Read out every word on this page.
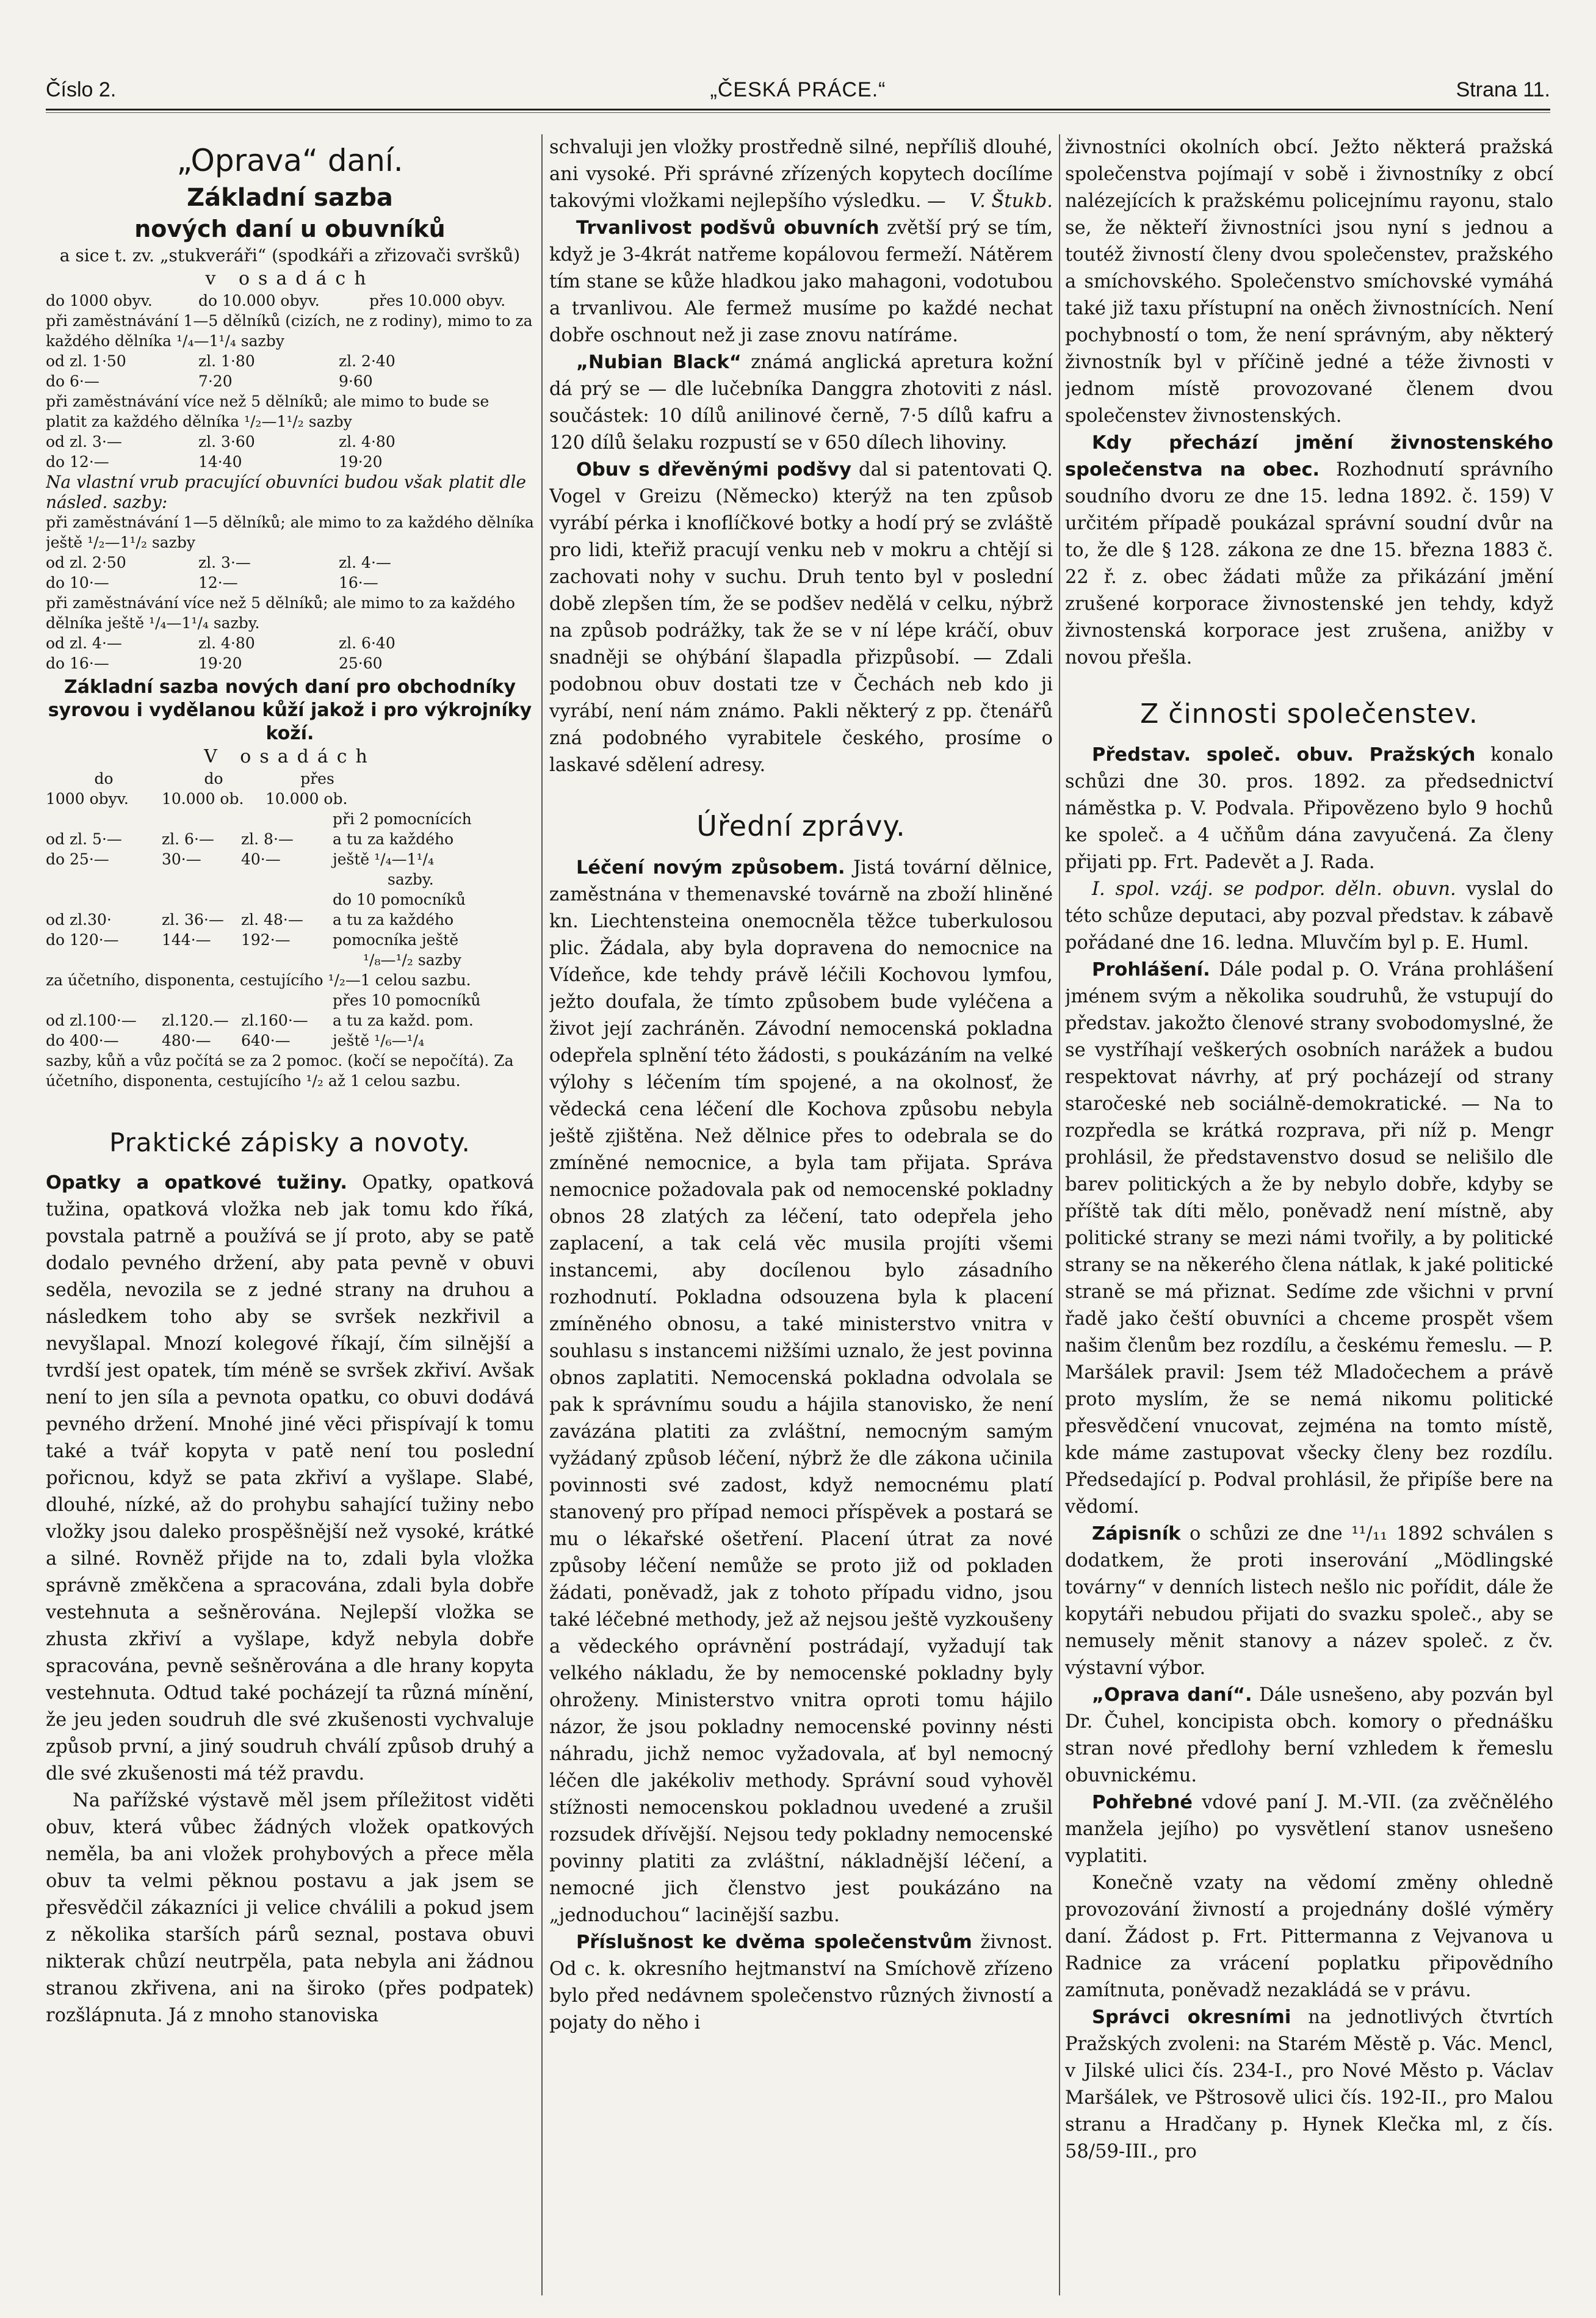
Číslo 2.	„ČESKÁ PRÁCE.“	Strana 11.
„Oprava“ daní.
Základní sazba
nových daní u obuvníků

a sice t. zv. „stukveráři“ (spodkáři a zřizovači svršků)

v osadách

do 1000 obyv.	do 10.000 obyv.	přes 10.000 obyv.

při zaměstnávání 1—5 dělníků (cizích, ne z rodiny), mimo to za každého dělníka ¹/₄—1¹/₄ sazby

od zl. 1·50	zl. 1·80	zl. 2·40
do 6·—	7·20	9·60

při zaměstnávání více než 5 dělníků; ale mimo to bude se platit za každého dělníka ¹/₂—1¹/₂ sazby

od zl. 3·—	zl. 3·60	zl. 4·80
do 12·—	14·40	19·20

Na vlastní vrub pracující obuvníci budou však platit dle násled. sazby:

při zaměstnávání 1—5 dělníků; ale mimo to za každého dělníka ještě ¹/₂—1¹/₂ sazby

od zl. 2·50	zl. 3·—	zl. 4·—
do 10·—	12·—	16·—

při zaměstnávání více než 5 dělníků; ale mimo to za každého dělníka ještě ¹/₄—1¹/₄ sazby.

od zl. 4·—	zl. 4·80	zl. 6·40
do 16·—	19·20	25·60
Základní sazba nových daní pro obchodníky syrovou i vydělanou kůží jakož i pro výkrojníky koží.

V osadách

do	do	přes
1000 obyv.	10.000 ob.	10.000 ob.

při 2 pomocnících

od zl. 5·—	zl. 6·—	zl. 8·—	a tu za každého
do 25·—	30·—	40·—	ještě ¹/₄—1¹/₄

sazby.

do 10 pomocníků

od zl.30·	zl. 36·—	zl. 48·—	a tu za každého
do 120·—	144·—	192·—	pomocníka ještě

¹/₈—¹/₂ sazby

za účetního, disponenta, cestujícího ¹/₂—1 celou sazbu.

přes 10 pomocníků

od zl.100·—	zl.120.— zl.160·—	a tu za každ. pom.
do 400·—	480·—	640·—	ještě ¹/₆—¹/₄

sazby, kůň a vůz počítá se za 2 pomoc. (kočí se nepočítá). Za účetního, disponenta, cestujícího ¹/₂ až 1 celou sazbu.

Praktické zápisky a novoty.

Opatky a opatkové tužiny. Opatky, opatková tužina, opatková vložka neb jak tomu kdo říká, povstala patrně a používá se jí proto, aby se patě dodalo pevného držení, aby pata pevně v obuvi seděla, nevozila se z jedné strany na druhou a následkem toho aby se svršek nezkřivil a nevyšlapal. Mnozí kolegové říkají, čím silnější a tvrdší jest opatek, tím méně se svršek zkřiví. Avšak není to jen síla a pevnota opatku, co obuvi dodává pevného držení. Mnohé jiné věci přispívají k tomu také a tvář kopyta v patě není tou poslední pořicnou, když se pata zkřiví a vyšlape. Slabé, dlouhé, nízké, až do prohybu sahající tužiny nebo vložky jsou daleko prospěšnější než vysoké, krátké a silné. Rovněž přijde na to, zdali byla vložka správně změkčena a spracována, zdali byla dobře vestehnuta a sešněrována. Nejlepší vložka se zhusta zkřiví a vyšlape, když nebyla dobře spracována, pevně sešněrována a dle hrany kopyta vestehnuta. Odtud také pocházejí ta různá mínění, že jeu jeden soudruh dle své zkušenosti vychvaluje způsob první, a jiný soudruh chválí způsob druhý a dle své zkušenosti má též pravdu.

Na pařížské výstavě měl jsem příležitost viděti obuv, která vůbec žádných vložek opatkových neměla, ba ani vložek prohybových a přece měla obuv ta velmi pěknou postavu a jak jsem se přesvědčil zákazníci ji velice chválili a pokud jsem z několika starších párů seznal, postava obuvi nikterak chůzí neutrpěla, pata nebyla ani žádnou stranou zkřivena, ani na široko (přes podpatek) rozšlápnuta. Já z mnoho stanoviska

schvaluji jen vložky prostředně silné, nepříliš dlouhé, ani vysoké. Při správné zřízených kopytech docílíme takovými vložkami nejlepšího výsledku. — V. Štukb.

Trvanlivost podšvů obuvních zvětší prý se tím, když je 3-4krát natřeme kopálovou fermeží. Nátěrem tím stane se kůže hladkou jako mahagoni, vodotubou a trvanlivou. Ale fermež musíme po každé nechat dobře oschnout než ji zase znovu natíráme.

„Nubian Black“ známá anglická apretura kožní dá prý se — dle lučebníka Danggra zhotoviti z násl. součástek: 10 dílů anilinové černě, 7·5 dílů kafru a 120 dílů šelaku rozpustí se v 650 dílech lihoviny.

Obuv s dřevěnými podšvy dal si patentovati Q. Vogel v Greizu (Německo) kterýž na ten způsob vyrábí pérka i knoflíčkové botky a hodí prý se zvláště pro lidi, kteřiž pracují venku neb v mokru a chtějí si zachovati nohy v suchu. Druh tento byl v poslední době zlepšen tím, že se podšev nedělá v celku, nýbrž na způsob podrážky, tak že se v ní lépe kráčí, obuv snadněji se ohýbání šlapadla přizpůsobí. — Zdali podobnou obuv dostati tze v Čechách neb kdo ji vyrábí, není nám známo. Pakli některý z pp. čtenářů zná podobného vyrabitele českého, prosíme o laskavé sdělení adresy.

Úřední zprávy.

Léčení novým způsobem. Jistá tovární dělnice, zaměstnána v themenavské továrně na zboží hliněné kn. Liechtensteina onemocněla těžce tuberkulosou plic. Žádala, aby byla dopravena do nemocnice na Vídeňce, kde tehdy právě léčili Kochovou lymfou, ježto doufala, že tímto způsobem bude vyléčena a život její zachráněn. Závodní nemocenská pokladna odepřela splnění této žádosti, s poukázáním na velké výlohy s léčením tím spojené, a na okolnosť, že vědecká cena léčení dle Kochova způsobu nebyla ještě zjištěna. Než dělnice přes to odebrala se do zmíněné nemocnice, a byla tam přijata. Správa nemocnice požadovala pak od nemocenské pokladny obnos 28 zlatých za léčení, tato odepřela jeho zaplacení, a tak celá věc musila projíti všemi instancemi, aby docílenou bylo zásadního rozhodnutí. Pokladna odsouzena byla k placení zmíněného obnosu, a také ministerstvo vnitra v souhlasu s instancemi nižšími uznalo, že jest povinna obnos zaplatiti. Nemocenská pokladna odvolala se pak k správnímu soudu a hájila stanovisko, že není zavázána platiti za zvláštní, nemocným samým vyžádaný způsob léčení, nýbrž že dle zákona učinila povinnosti své zadost, když nemocnému platí stanovený pro případ nemoci příspěvek a postará se mu o lékařské ošetření. Placení útrat za nové způsoby léčení nemůže se proto již od pokladen žádati, poněvadž, jak z tohoto případu vidno, jsou také léčebné methody, jež až nejsou ještě vyzkoušeny a vědeckého oprávnění postrádají, vyžadují tak velkého nákladu, že by nemocenské pokladny byly ohroženy. Ministerstvo vnitra oproti tomu hájilo názor, že jsou pokladny nemocenské povinny nésti náhradu, jichž nemoc vyžadovala, ať byl nemocný léčen dle jakékoliv methody. Správní soud vyhověl stížnosti nemocenskou pokladnou uvedené a zrušil rozsudek dřívější. Nejsou tedy pokladny nemocenské povinny platiti za zvláštní, nákladnější léčení, a nemocné jich členstvo jest poukázáno na „jednoduchou“ lacinější sazbu.

Příslušnost ke dvěma společenstvům živnost. Od c. k. okresního hejtmanství na Smíchově zřízeno bylo před nedávnem společenstvo různých živností a pojaty do něho i

živnostníci okolních obcí. Ježto některá pražská společenstva pojímají v sobě i živnostníky z obcí nalézejících k pražskému policejnímu rayonu, stalo se, že někteří živnostníci jsou nyní s jednou a toutéž živností členy dvou společenstev, pražského a smíchovského. Společenstvo smíchovské vymáhá také již taxu přístupní na oněch živnostnících. Není pochybností o tom, že není správným, aby některý živnostník byl v příčině jedné a téže živnosti v jednom místě provozované členem dvou společenstev živnostenských.

Kdy přechází jmění živnostenského společenstva na obec. Rozhodnutí správního soudního dvoru ze dne 15. ledna 1892. č. 159) V určitém případě poukázal správní soudní dvůr na to, že dle § 128. zákona ze dne 15. března 1883 č. 22 ř. z. obec žádati může za přikázání jmění zrušené korporace živnostenské jen tehdy, když živnostenská korporace jest zrušena, anižby v novou přešla.

Z činnosti společenstev.

Představ. společ. obuv. Pražských konalo schůzi dne 30. pros. 1892. za předsednictví náměstka p. V. Podvala. Připovězeno bylo 9 hochů ke společ. a 4 učňům dána zavyučená. Za členy přijati pp. Frt. Padevět a J. Rada.

I. spol. vzáj. se podpor. děln. obuvn. vyslal do této schůze deputaci, aby pozval představ. k zábavě pořádané dne 16. ledna. Mluvčím byl p. E. Huml.

Prohlášení. Dále podal p. O. Vrána prohlášení jménem svým a několika soudruhů, že vstupují do představ. jakožto členové strany svobodomyslné, že se vystříhají veškerých osobních narážek a budou respektovat návrhy, ať prý pocházejí od strany staročeské neb sociálně-demokratické. — Na to rozpředla se krátká rozprava, při níž p. Mengr prohlásil, že představenstvo dosud se nelišilo dle barev politických a že by nebylo dobře, kdyby se příště tak díti mělo, poněvadž není místně, aby politické strany se mezi námi tvořily, a by politické strany se na někerého člena nátlak, k jaké politické straně se má přiznat. Sedíme zde všichni v první řadě jako čeští obuvníci a chceme prospět všem našim členům bez rozdílu, a českému řemeslu. — P. Maršálek pravil: Jsem též Mladočechem a právě proto myslím, že se nemá nikomu politické přesvědčení vnucovat, zejména na tomto místě, kde máme zastupovat všecky členy bez rozdílu. Předsedající p. Podval prohlásil, že připíše bere na vědomí.

Zápisník o schůzi ze dne ¹¹/₁₁ 1892 schválen s dodatkem, že proti inserování „Mödlingské továrny“ v denních listech nešlo nic pořídit, dále že kopytáři nebudou přijati do svazku společ., aby se nemusely měnit stanovy a název společ. z čv. výstavní výbor.

„Oprava daní“. Dále usnešeno, aby pozván byl Dr. Čuhel, koncipista obch. komory o přednášku stran nové předlohy berní vzhledem k řemeslu obuvnickému.

Pohřebné vdové paní J. M.-VII. (za zvěčnělého manžela jejího) po vysvětlení stanov usnešeno vyplatiti.

Konečně vzaty na vědomí změny ohledně provozování živností a projednány došlé výměry daní. Žádost p. Frt. Pittermanna z Vejvanova u Radnice za vrácení poplatku připovědního zamítnuta, poněvadž nezakládá se v právu.

Správci okresními na jednotlivých čtvrtích Pražských zvoleni: na Starém Městě p. Vác. Mencl, v Jilské ulici čís. 234-I., pro Nové Město p. Václav Maršálek, ve Pštrosově ulici čís. 192-II., pro Malou stranu a Hradčany p. Hynek Klečka ml, z čís. 58/59-III., pro
